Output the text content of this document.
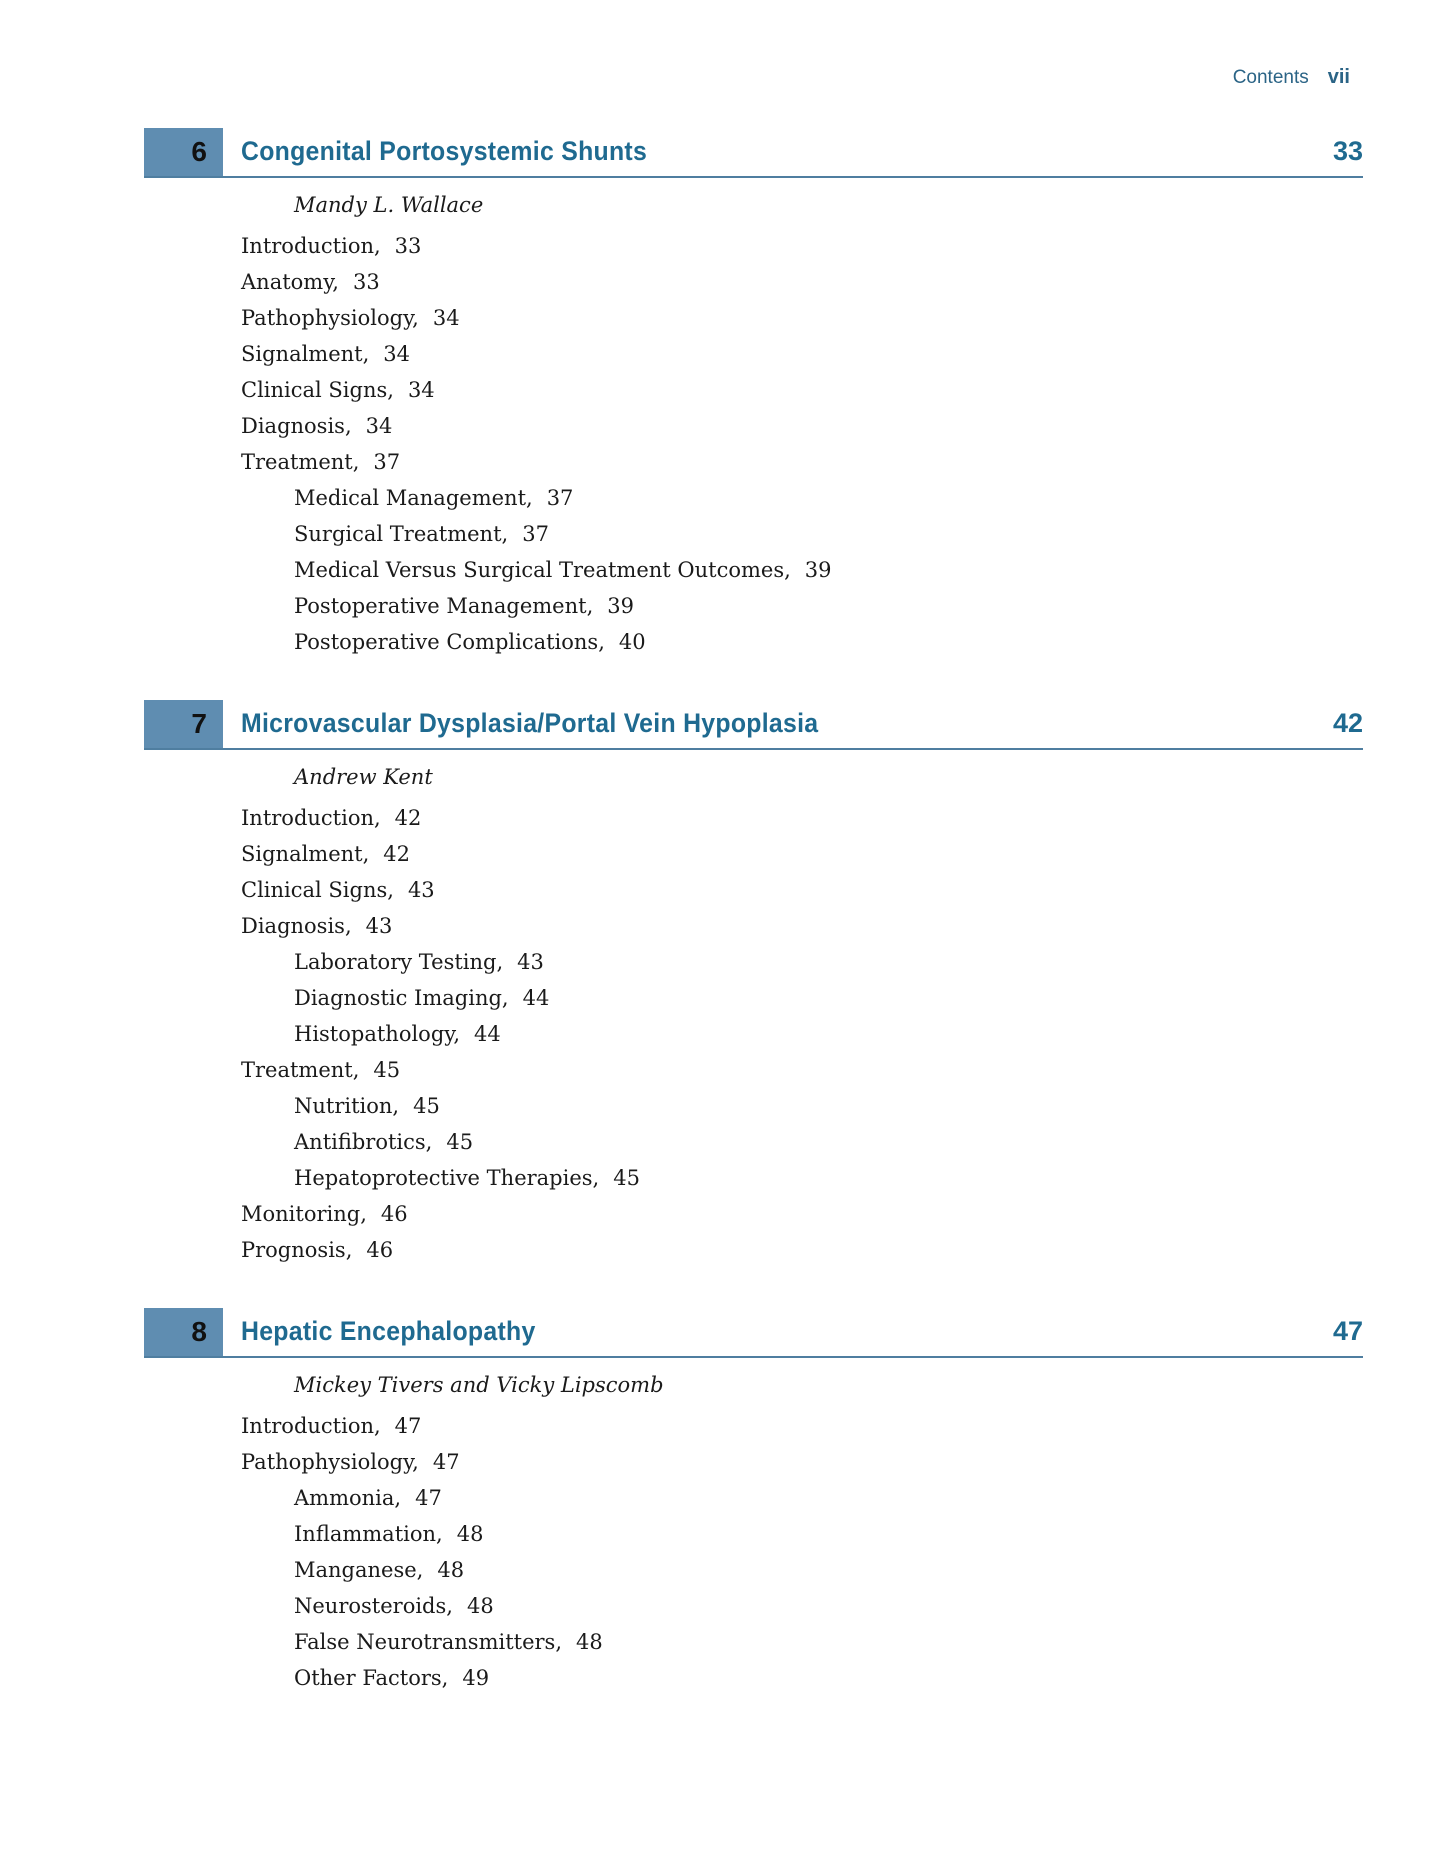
Contents vii
6	Congenital Portosystemic Shunts	33
Mandy L. Wallace
Introduction, 33
Anatomy, 33
Pathophysiology, 34
Signalment, 34
Clinical Signs, 34
Diagnosis, 34
Treatment, 37
Medical Management, 37
Surgical Treatment, 37
Medical Versus Surgical Treatment Outcomes, 39
Postoperative Management, 39
Postoperative Complications, 40
7	Microvascular Dysplasia/Portal Vein Hypoplasia	42
Andrew Kent
Introduction, 42
Signalment, 42
Clinical Signs, 43
Diagnosis, 43
Laboratory Testing, 43
Diagnostic Imaging, 44
Histopathology, 44
Treatment, 45
Nutrition, 45
Antifibrotics, 45
Hepatoprotective Therapies, 45
Monitoring, 46
Prognosis, 46
8	Hepatic Encephalopathy	47
Mickey Tivers and Vicky Lipscomb
Introduction, 47
Pathophysiology, 47
Ammonia, 47
Inflammation, 48
Manganese, 48
Neurosteroids, 48
False Neurotransmitters, 48
Other Factors, 49
